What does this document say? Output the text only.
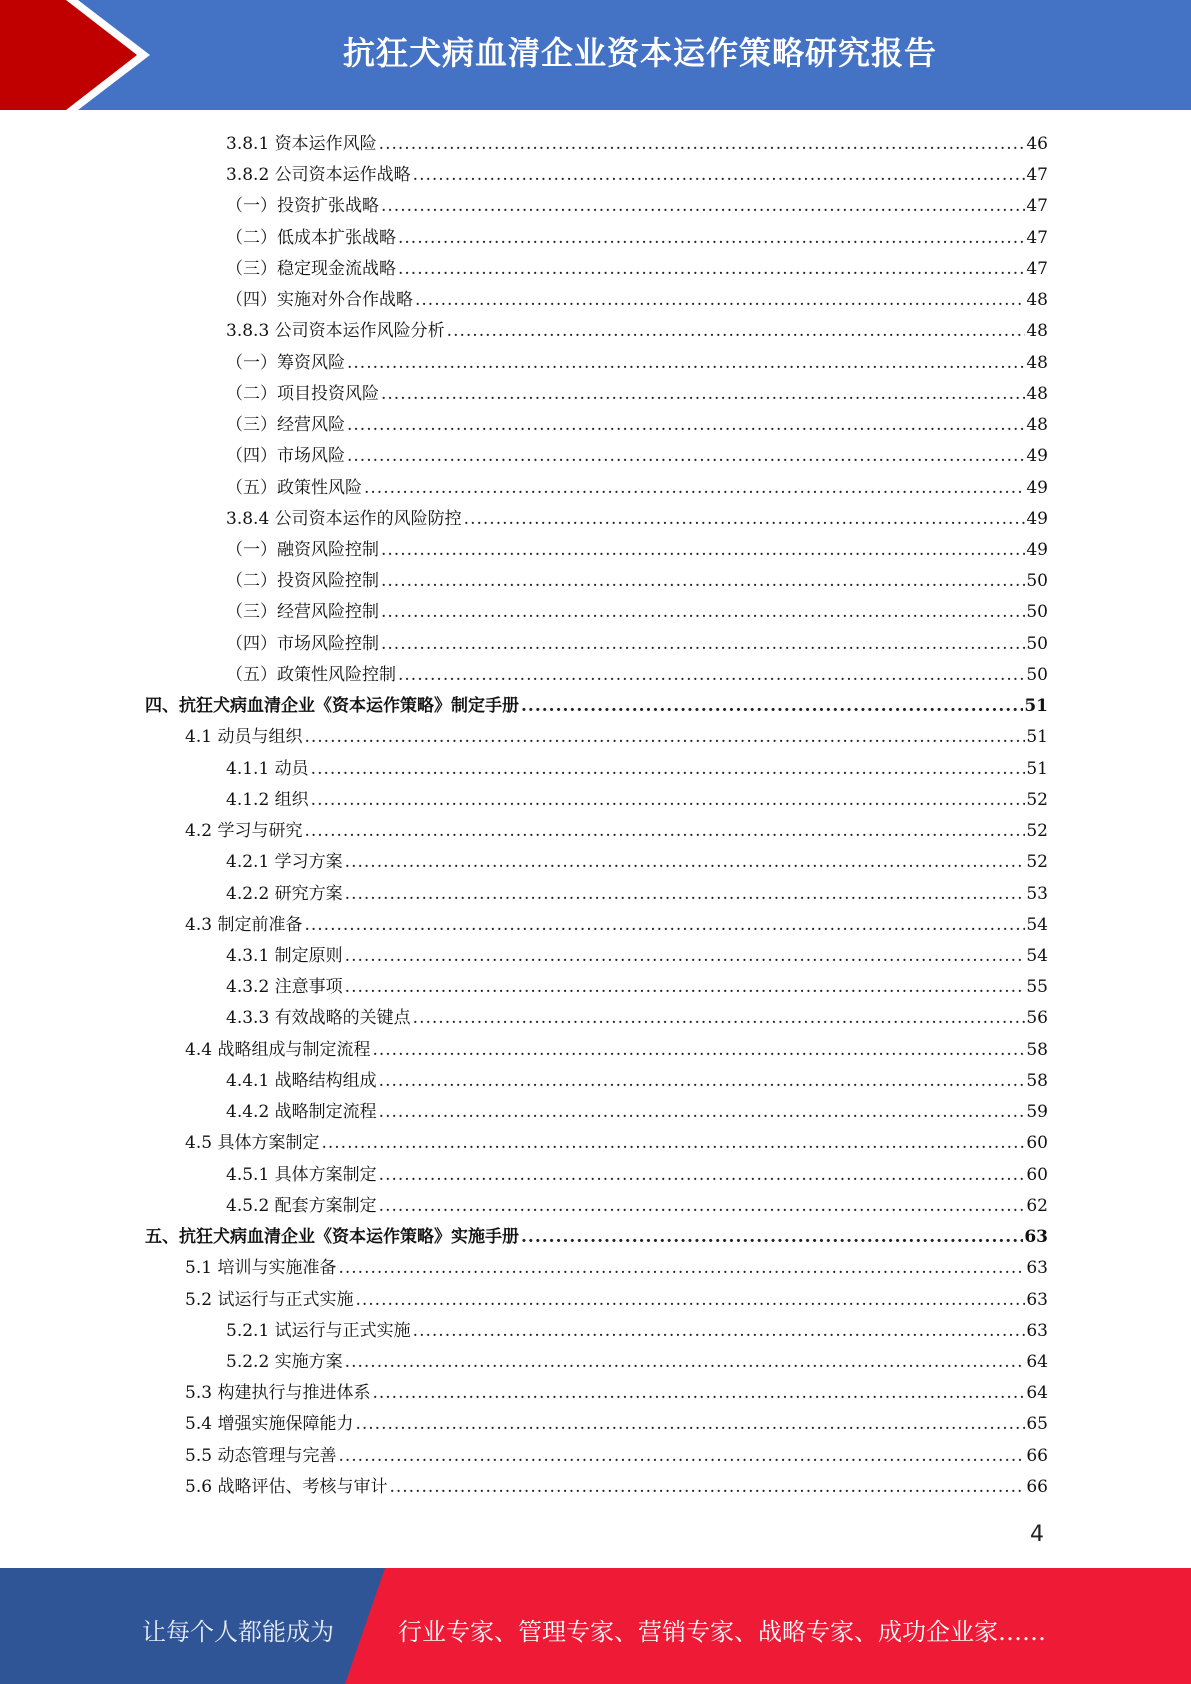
抗狂犬病血清企业资本运作策略研究报告
3.8.1 资本运作风险 .....	46
3.8.2 公司资本运作战略 .....	47
（一）投资扩张战略 .....	47
（二）低成本扩张战略 .....	47
（三）稳定现金流战略 .....	47
（四）实施对外合作战略 .....	48
3.8.3 公司资本运作风险分析 .....	48
（一）筹资风险 .....	48
（二）项目投资风险 .....	48
（三）经营风险 .....	48
（四）市场风险 .....	49
（五）政策性风险 .....	49
3.8.4 公司资本运作的风险防控 .....	49
（一）融资风险控制 .....	49
（二）投资风险控制 .....	50
（三）经营风险控制 .....	50
（四）市场风险控制 .....	50
（五）政策性风险控制 .....	50
四、抗狂犬病血清企业《资本运作策略》制定手册 .....	51
4.1 动员与组织 .....	51
4.1.1 动员 .....	51
4.1.2 组织 .....	52
4.2 学习与研究 .....	52
4.2.1 学习方案 .....	52
4.2.2 研究方案 .....	53
4.3 制定前准备 .....	54
4.3.1 制定原则 .....	54
4.3.2 注意事项 .....	55
4.3.3 有效战略的关键点 .....	56
4.4 战略组成与制定流程 .....	58
4.4.1 战略结构组成 .....	58
4.4.2 战略制定流程 .....	59
4.5 具体方案制定 .....	60
4.5.1 具体方案制定 .....	60
4.5.2 配套方案制定 .....	62
五、抗狂犬病血清企业《资本运作策略》实施手册 .....	63
5.1 培训与实施准备 .....	63
5.2 试运行与正式实施 .....	63
5.2.1 试运行与正式实施 .....	63
5.2.2 实施方案 .....	64
5.3 构建执行与推进体系 .....	64
5.4 增强实施保障能力 .....	65
5.5 动态管理与完善 .....	66
5.6 战略评估、考核与审计 .....	66
4
让每个人都能成为	行业专家、管理专家、营销专家、战略专家、成功企业家……
